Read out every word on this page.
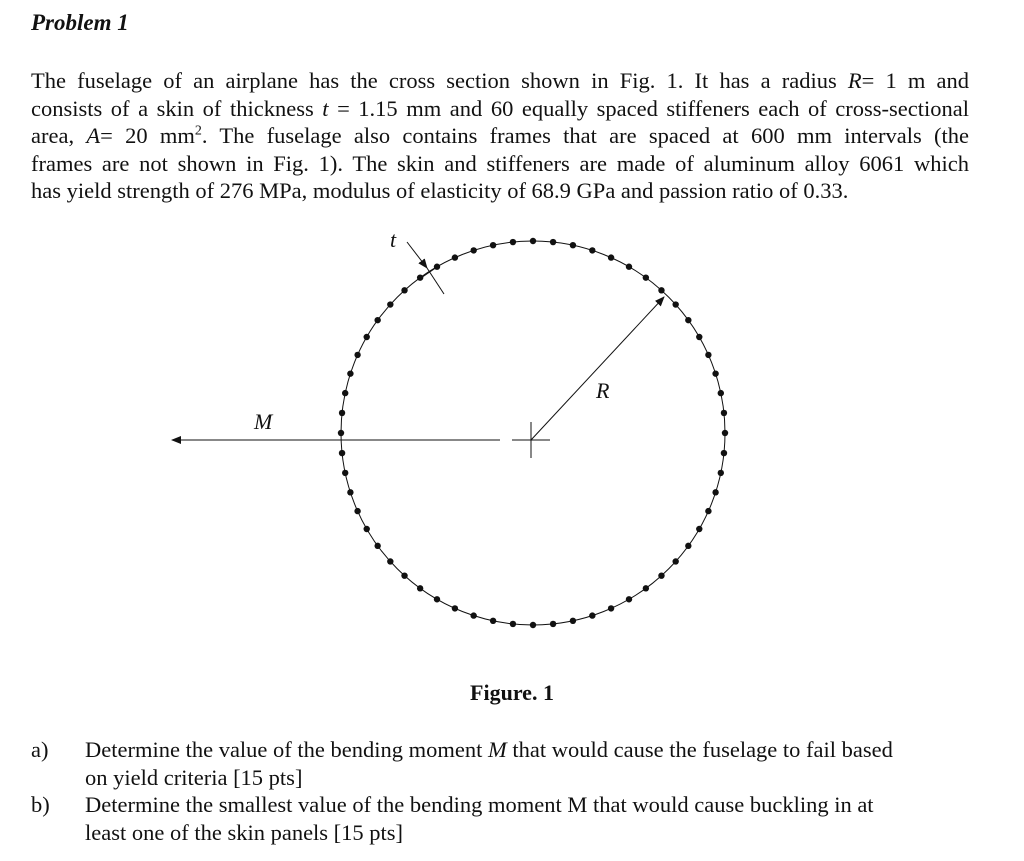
Problem 1
The fuselage of an airplane has the cross section shown in Fig. 1. It has a radius R= 1 m and
consists of a skin of thickness t = 1.15 mm and 60 equally spaced stiffeners each of cross-sectional
area, A= 20 $mm^2$. The fuselage also contains frames that are spaced at 600 mm intervals (the
frames are not shown in Fig. 1). The skin and stiffeners are made of aluminum alloy 6061 which
has yield strength of 276 MPa, modulus of elasticity of 68.9 GPa and passion ratio of 0.33.
R
M
t
Figure. 1
a) Determine the value of the bending moment M that would cause the fuselage to fail based
on yield criteria [15 pts]
b) Determine the smallest value of the bending moment M that would cause buckling in at
least one of the skin panels [15 pts]
